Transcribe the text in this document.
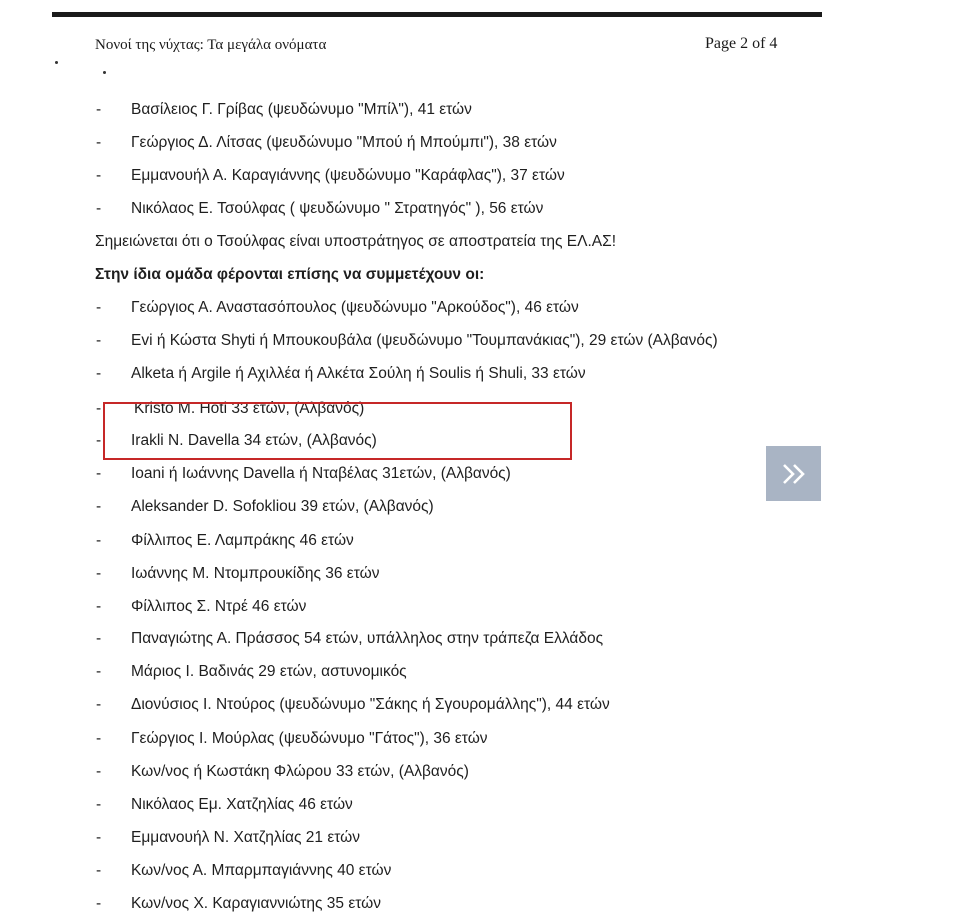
Νονοί της νύχτας: Τα μεγάλα ονόματα	Page 2 of 4
- Βασίλειος Γ. Γρίβας (ψευδώνυμο "Μπίλ"), 41 ετών
- Γεώργιος Δ. Λίτσας (ψευδώνυμο "Μπού ή Μπούμπι"), 38 ετών
- Εμμανουήλ Α. Καραγιάννης (ψευδώνυμο "Καράφλας"), 37 ετών
- Νικόλαος Ε. Τσούλφας ( ψευδώνυμο " Στρατηγός" ), 56 ετών
Σημειώνεται ότι ο Τσούλφας είναι υποστράτηγος σε αποστρατεία της ΕΛ.ΑΣ!
Στην ίδια ομάδα φέρονται επίσης να συμμετέχουν οι:
- Γεώργιος Α. Αναστασόπουλος (ψευδώνυμο "Αρκούδος"), 46 ετών
- Evi ή Κώστα Shyti ή Μπουκουβάλα (ψευδώνυμο "Τουμπανάκιας"), 29 ετών (Αλβανός)
- Alketa ή Argile ή Αχιλλέα ή Αλκέτα Σούλη ή Soulis ή Shuli, 33 ετών
- Kristo M. Hoti 33 ετών, (Αλβανός)
- Irakli N. Davella 34 ετών, (Αλβανός)
- Ioani ή Ιωάννης Davella ή Νταβέλας 31ετών, (Αλβανός)
- Aleksander D. Sofokliou 39 ετών, (Αλβανός)
- Φίλλιπος Ε. Λαμπράκης 46 ετών
- Ιωάννης Μ. Ντομπρουκίδης 36 ετών
- Φίλλιπος Σ. Ντρέ 46 ετών
- Παναγιώτης Α. Πράσσος 54 ετών, υπάλληλος στην τράπεζα Ελλάδος
- Μάριος Ι. Βαδινάς 29 ετών, αστυνομικός
- Διονύσιος Ι. Ντούρος (ψευδώνυμο "Σάκης ή Σγουρομάλλης"), 44 ετών
- Γεώργιος Ι. Μούρλας (ψευδώνυμο "Γάτος"), 36 ετών
- Κων/νος ή Κωστάκη Φλώρου 33 ετών, (Αλβανός)
- Νικόλαος Εμ. Χατζηλίας 46 ετών
- Εμμανουήλ Ν. Χατζηλίας 21 ετών
- Κων/νος Α. Μπαρμπαγιάννης 40 ετών
- Κων/νος Χ. Καραγιαννιώτης 35 ετών
